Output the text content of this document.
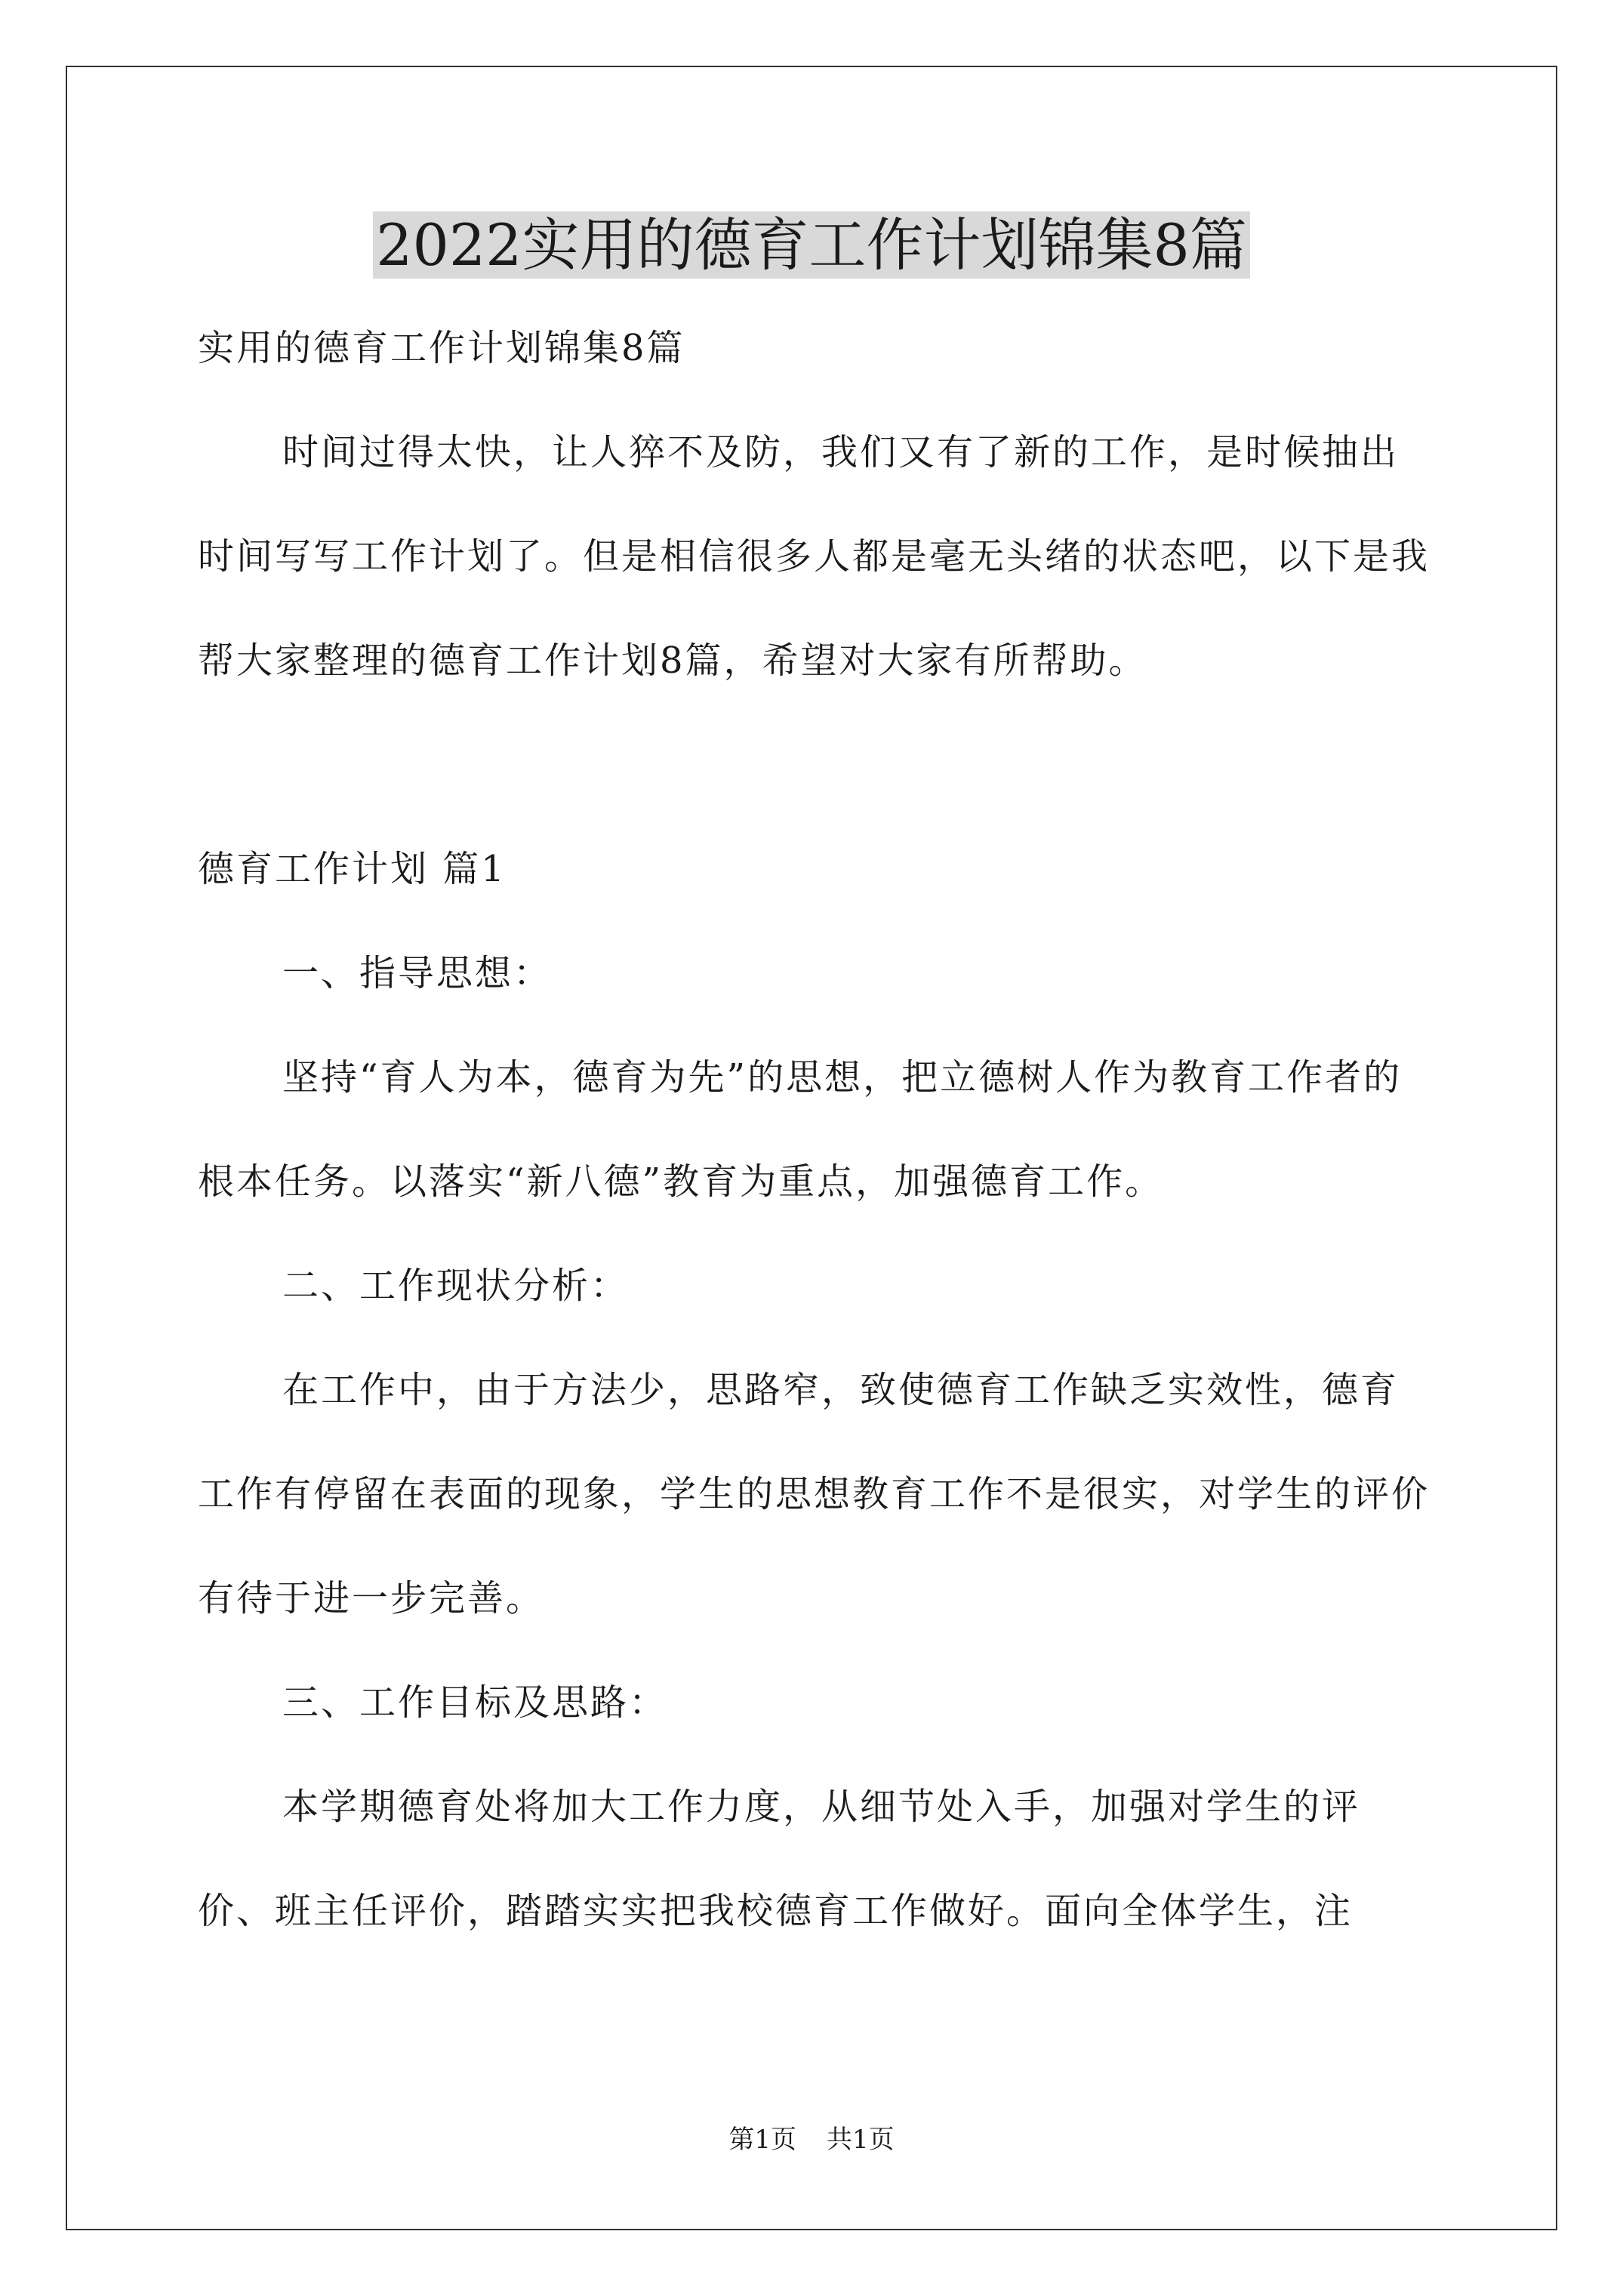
2022实用的德育工作计划锦集8篇

实用的德育工作计划锦集8篇

时间过得太快，让人猝不及防，我们又有了新的工作，是时候抽出时间写写工作计划了。但是相信很多人都是毫无头绪的状态吧，以下是我帮大家整理的德育工作计划8篇，希望对大家有所帮助。

德育工作计划 篇1

一、指导思想：

坚持“育人为本，德育为先”的思想，把立德树人作为教育工作者的根本任务。以落实“新八德”教育为重点，加强德育工作。

二、工作现状分析：

在工作中，由于方法少，思路窄，致使德育工作缺乏实效性，德育工作有停留在表面的现象，学生的思想教育工作不是很实，对学生的评价有待于进一步完善。

三、工作目标及思路：

本学期德育处将加大工作力度，从细节处入手，加强对学生的评价、班主任评价，踏踏实实把我校德育工作做好。面向全体学生，注

第1页 共1页
